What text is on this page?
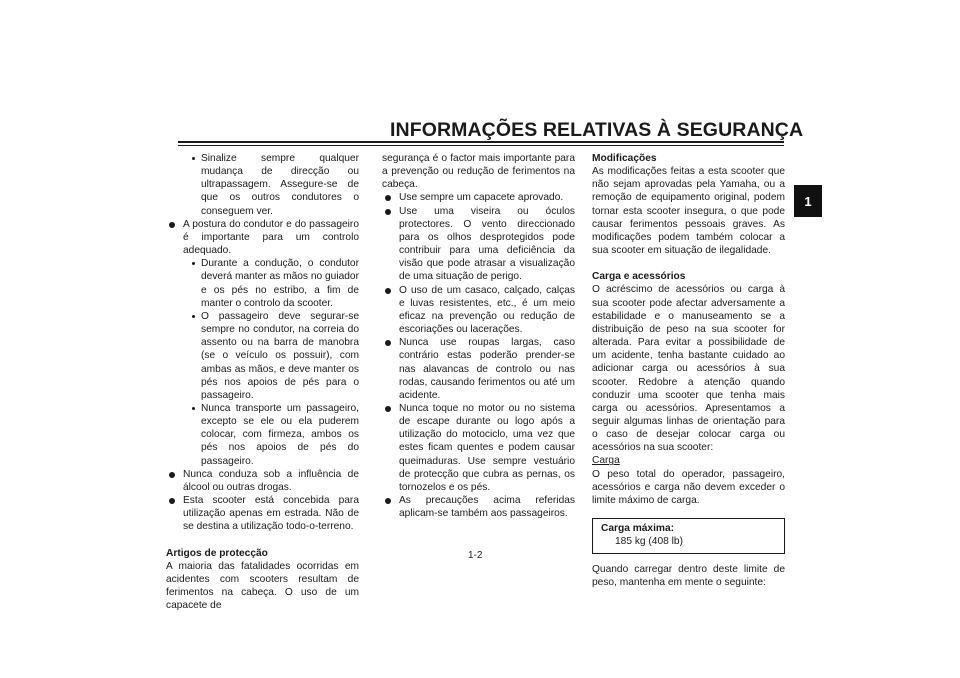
INFORMAÇÕES RELATIVAS À SEGURANÇA
1

Sinalize sempre qualquer mudança de direcção ou ultrapassagem. Assegure-se de que os outros condutores o conseguem ver.

A postura do condutor e do passageiro é importante para um controlo adequado.

Durante a condução, o condutor deverá manter as mãos no guiador e os pés no estribo, a fim de manter o controlo da scooter.

O passageiro deve segurar-se sempre no condutor, na correia do assento ou na barra de manobra (se o veículo os possuir), com ambas as mãos, e deve manter os pés nos apoios de pés para o passageiro.

Nunca transporte um passageiro, excepto se ele ou ela puderem colocar, com firmeza, ambos os pés nos apoios de pés do passageiro.

Nunca conduza sob a influência de álcool ou outras drogas.

Esta scooter está concebida para utilização apenas em estrada. Não de se destina a utilização todo-o-terreno.

Artigos de protecção

A maioria das fatalidades ocorridas em acidentes com scooters resultam de ferimentos na cabeça. O uso de um capacete de

segurança é o factor mais importante para a prevenção ou redução de ferimentos na cabeça.

Use sempre um capacete aprovado.

Use uma viseira ou óculos protectores. O vento direccionado para os olhos desprotegidos pode contribuir para uma deficiência da visão que pode atrasar a visualização de uma situação de perigo.

O uso de um casaco, calçado, calças e luvas resistentes, etc., é um meio eficaz na prevenção ou redução de escoriações ou lacerações.

Nunca use roupas largas, caso contrário estas poderão prender-se nas alavancas de controlo ou nas rodas, causando ferimentos ou até um acidente.

Nunca toque no motor ou no sistema de escape durante ou logo após a utilização do motociclo, uma vez que estes ficam quentes e podem causar queimaduras. Use sempre vestuário de protecção que cubra as pernas, os tornozelos e os pés.

As precauções acima referidas aplicam-se também aos passageiros.

Modificações

As modificações feitas a esta scooter que não sejam aprovadas pela Yamaha, ou a remoção de equipamento original, podem tornar esta scooter insegura, o que pode causar ferimentos pessoais graves. As modificações podem também colocar a sua scooter em situação de ilegalidade.

Carga e acessórios

O acréscimo de acessórios ou carga à sua scooter pode afectar adversamente a estabilidade e o manuseamento se a distribuição de peso na sua scooter for alterada. Para evitar a possibilidade de um acidente, tenha bastante cuidado ao adicionar carga ou acessórios à sua scooter. Redobre a atenção quando conduzir uma scooter que tenha mais carga ou acessórios. Apresentamos a seguir algumas linhas de orientação para o caso de desejar colocar carga ou acessórios na sua scooter:

Carga

O peso total do operador, passageiro, acessórios e carga não devem exceder o limite máximo de carga.

Carga máxima:
185 kg (408 lb)

Quando carregar dentro deste limite de peso, mantenha em mente o seguinte:

1-2
